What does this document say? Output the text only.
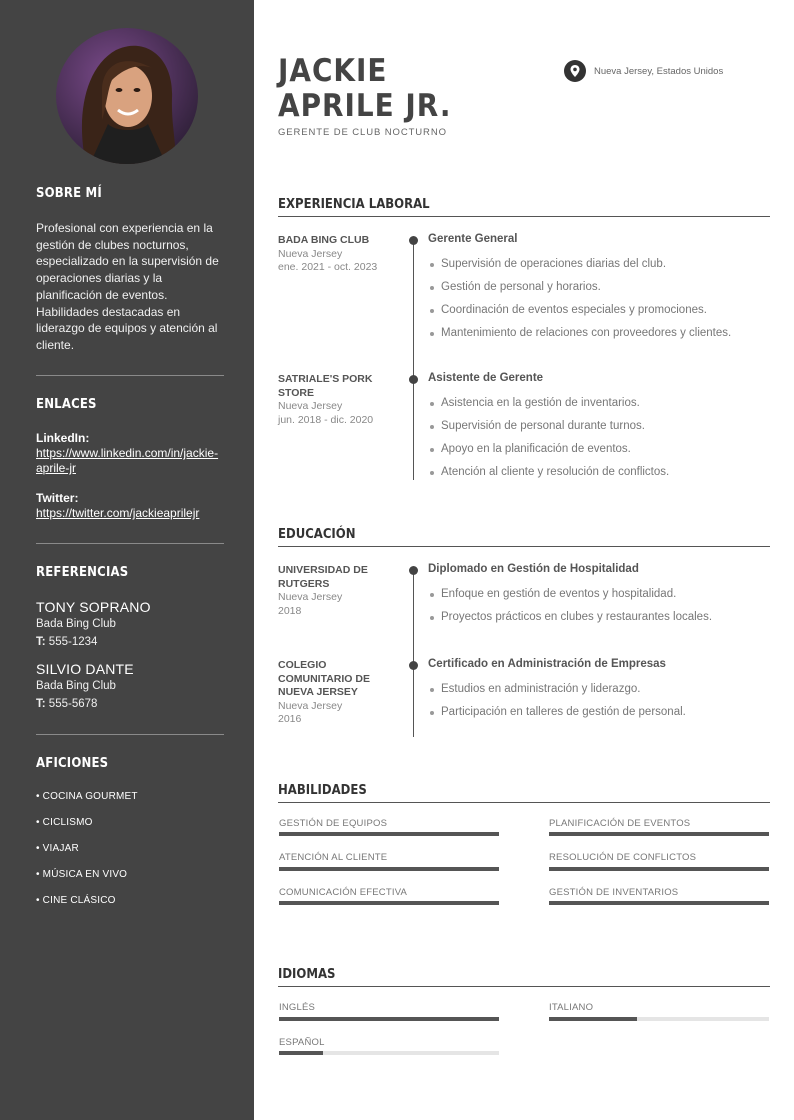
SOBRE MÍ
Profesional con experiencia en la gestión de clubes nocturnos, especializado en la supervisión de operaciones diarias y la planificación de eventos. Habilidades destacadas en liderazgo de equipos y atención al cliente.
ENLACES
LinkedIn:
https://www.linkedin.com/in/jackie-aprile-jr
Twitter:
https://twitter.com/jackieaprilejr
REFERENCIAS
TONY SOPRANO
Bada Bing Club
T: 555-1234
SILVIO DANTE
Bada Bing Club
T: 555-5678
AFICIONES
• COCINA GOURMET
• CICLISMO
• VIAJAR
• MÚSICA EN VIVO
• CINE CLÁSICO
JACKIE
APRILE JR.
GERENTE DE CLUB NOCTURNO
Nueva Jersey, Estados Unidos
EXPERIENCIA LABORAL
BADA BING CLUB
Nueva Jersey
ene. 2021 - oct. 2023
Gerente General
Supervisión de operaciones diarias del club.
Gestión de personal y horarios.
Coordinación de eventos especiales y promociones.
Mantenimiento de relaciones con proveedores y clientes.
SATRIALE'S PORK STORE
Nueva Jersey
jun. 2018 - dic. 2020
Asistente de Gerente
Asistencia en la gestión de inventarios.
Supervisión de personal durante turnos.
Apoyo en la planificación de eventos.
Atención al cliente y resolución de conflictos.
EDUCACIÓN
UNIVERSIDAD DE RUTGERS
Nueva Jersey
2018
Diplomado en Gestión de Hospitalidad
Enfoque en gestión de eventos y hospitalidad.
Proyectos prácticos en clubes y restaurantes locales.
COLEGIO COMUNITARIO DE NUEVA JERSEY
Nueva Jersey
2016
Certificado en Administración de Empresas
Estudios en administración y liderazgo.
Participación en talleres de gestión de personal.
HABILIDADES
GESTIÓN DE EQUIPOS	PLANIFICACIÓN DE EVENTOS
ATENCIÓN AL CLIENTE	RESOLUCIÓN DE CONFLICTOS
COMUNICACIÓN EFECTIVA	GESTIÓN DE INVENTARIOS
IDIOMAS
INGLÉS	ITALIANO
ESPAÑOL
